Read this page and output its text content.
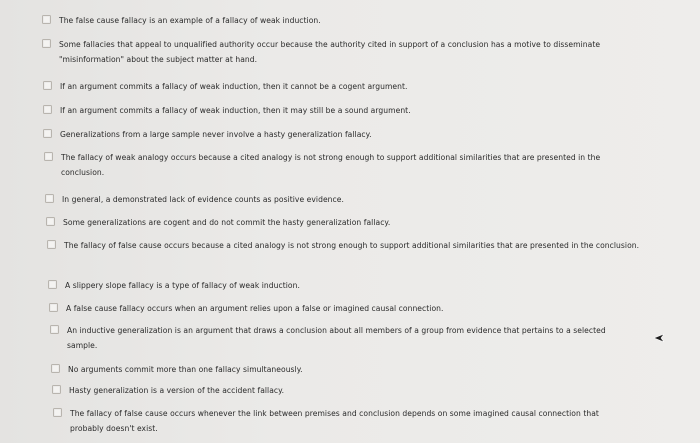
The false cause fallacy is an example of a fallacy of weak induction.
Some fallacies that appeal to unqualified authority occur because the authority cited in support of a conclusion has a motive to disseminate "misinformation" about the subject matter at hand.
If an argument commits a fallacy of weak induction, then it cannot be a cogent argument.
If an argument commits a fallacy of weak induction, then it may still be a sound argument.
Generalizations from a large sample never involve a hasty generalization fallacy.
The fallacy of weak analogy occurs because a cited analogy is not strong enough to support additional similarities that are presented in the conclusion.
In general, a demonstrated lack of evidence counts as positive evidence.
Some generalizations are cogent and do not commit the hasty generalization fallacy.
The fallacy of false cause occurs because a cited analogy is not strong enough to support additional similarities that are presented in the conclusion.
A slippery slope fallacy is a type of fallacy of weak induction.
A false cause fallacy occurs when an argument relies upon a false or imagined causal connection.
An inductive generalization is an argument that draws a conclusion about all members of a group from evidence that pertains to a selected sample.
No arguments commit more than one fallacy simultaneously.
Hasty generalization is a version of the accident fallacy.
The fallacy of false cause occurs whenever the link between premises and conclusion depends on some imagined causal connection that probably doesn't exist.
